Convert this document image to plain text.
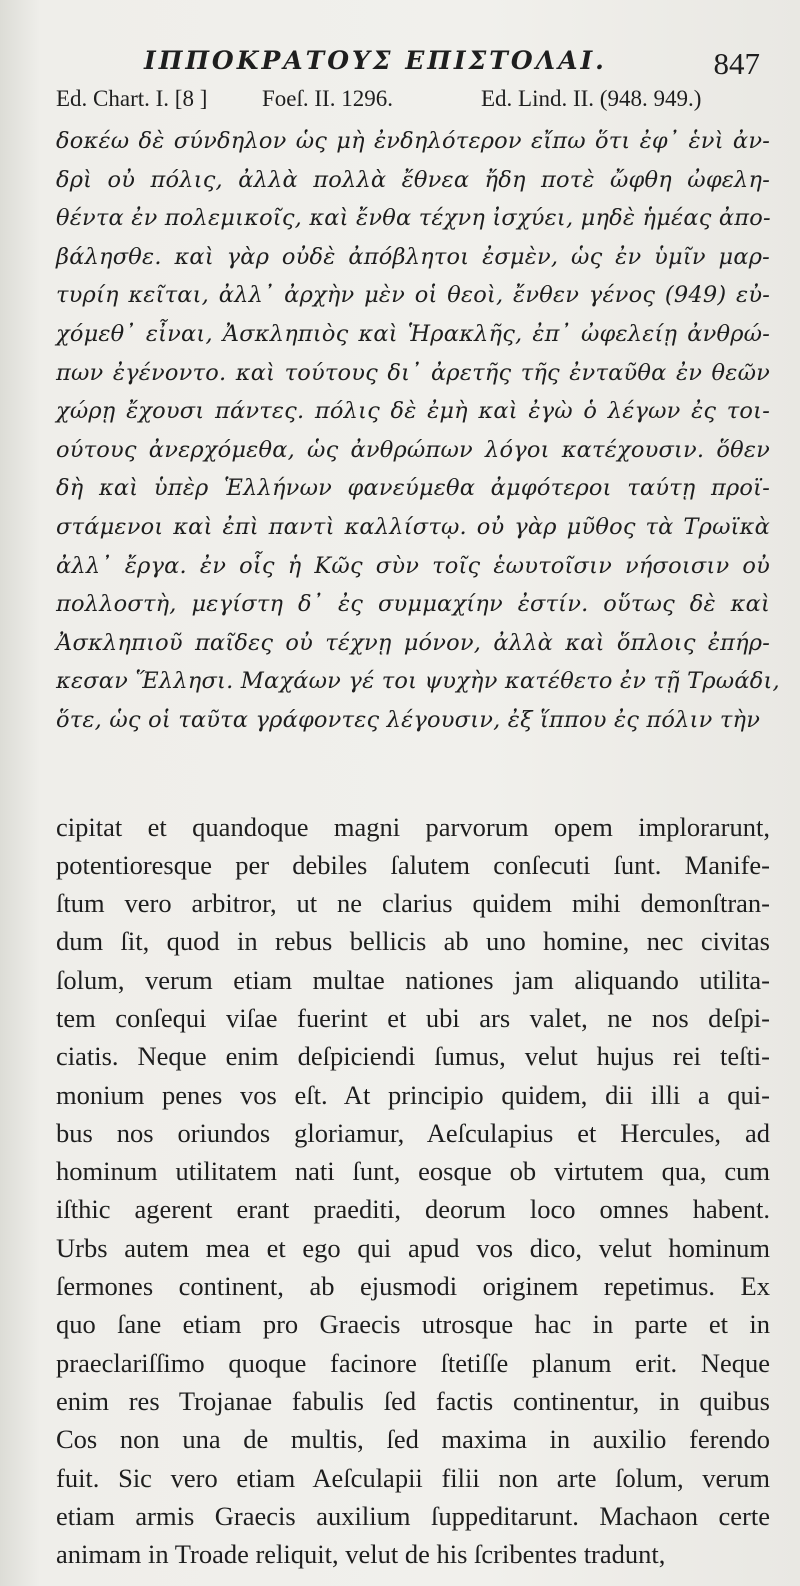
ΙΠΠΟΚΡΑΤΟΥΣ ΕΠΙΣΤΟΛΑΙ.	847
Ed. Chart. I. [8 ] Foeſ. II. 1296.	Ed. Lind. II. (948. 949.)
δοκέω δὲ σύνδηλον ὡς μὴ ἐνδηλότερον εἴπω ὅτι ἐφ᾽ ἑνὶ ἀν-
δρὶ οὐ πόλις, ἀλλὰ πολλὰ ἔθνεα ἤδη ποτὲ ὤφθη ὠφελη-
θέντα ἐν πολεμικοῖς, καὶ ἔνθα τέχνη ἰσχύει, μηδὲ ἡμέας ἀπο-
βάλησθε. καὶ γὰρ οὐδὲ ἀπόβλητοι ἐσμὲν, ὡς ἐν ὑμῖν μαρ-
τυρίη κεῖται, ἀλλ᾽ ἀρχὴν μὲν οἱ θεοὶ, ἔνθεν γένος (949) εὐ-
χόμεθ᾽ εἶναι, Ἀσκληπιὸς καὶ Ἡρακλῆς, ἐπ᾽ ὠφελείῃ ἀνθρώ-
πων ἐγένοντο. καὶ τούτους δι᾽ ἀρετῆς τῆς ἐνταῦθα ἐν θεῶν
χώρῃ ἔχουσι πάντες. πόλις δὲ ἐμὴ καὶ ἐγὼ ὁ λέγων ἐς τοι-
ούτους ἀνερχόμεθα, ὡς ἀνθρώπων λόγοι κατέχουσιν. ὅθεν
δὴ καὶ ὑπὲρ Ἑλλήνων φανεύμεθα ἀμφότεροι ταύτῃ προϊ-
στάμενοι καὶ ἐπὶ παντὶ καλλίστῳ. οὐ γὰρ μῦθος τὰ Τρωϊκὰ
ἀλλ᾽ ἔργα. ἐν οἷς ἡ Κῶς σὺν τοῖς ἑωυτοῖσιν νήσοισιν οὐ
πολλοστὴ, μεγίστη δ᾽ ἐς συμμαχίην ἐστίν. οὕτως δὲ καὶ
Ἀσκληπιοῦ παῖδες οὐ τέχνῃ μόνον, ἀλλὰ καὶ ὅπλοις ἐπήρ-
κεσαν Ἕλλησι. Μαχάων γέ τοι ψυχὴν κατέθετο ἐν τῇ Τρωάδι,
ὅτε, ὡς οἱ ταῦτα γράφοντες λέγουσιν, ἐξ ἵππου ἐς πόλιν τὴν
cipitat et quandoque magni parvorum opem implorarunt,
potentioresque per debiles ſalutem conſecuti ſunt. Manife-
ſtum vero arbitror, ut ne clarius quidem mihi demonſtran-
dum ſit, quod in rebus bellicis ab uno homine, nec civitas
ſolum, verum etiam multae nationes jam aliquando utilita-
tem conſequi viſae fuerint et ubi ars valet, ne nos deſpi-
ciatis. Neque enim deſpiciendi ſumus, velut hujus rei teſti-
monium penes vos eſt. At principio quidem, dii illi a qui-
bus nos oriundos gloriamur, Aeſculapius et Hercules, ad
hominum utilitatem nati ſunt, eosque ob virtutem qua, cum
iſthic agerent erant praediti, deorum loco omnes habent.
Urbs autem mea et ego qui apud vos dico, velut hominum
ſermones continent, ab ejusmodi originem repetimus. Ex
quo ſane etiam pro Graecis utrosque hac in parte et in
praeclariſſimo quoque facinore ſtetiſſe planum erit. Neque
enim res Trojanae fabulis ſed factis continentur, in quibus
Cos non una de multis, ſed maxima in auxilio ferendo
fuit. Sic vero etiam Aeſculapii filii non arte ſolum, verum
etiam armis Graecis auxilium ſuppeditarunt. Machaon certe
animam in Troade reliquit, velut de his ſcribentes tradunt,
